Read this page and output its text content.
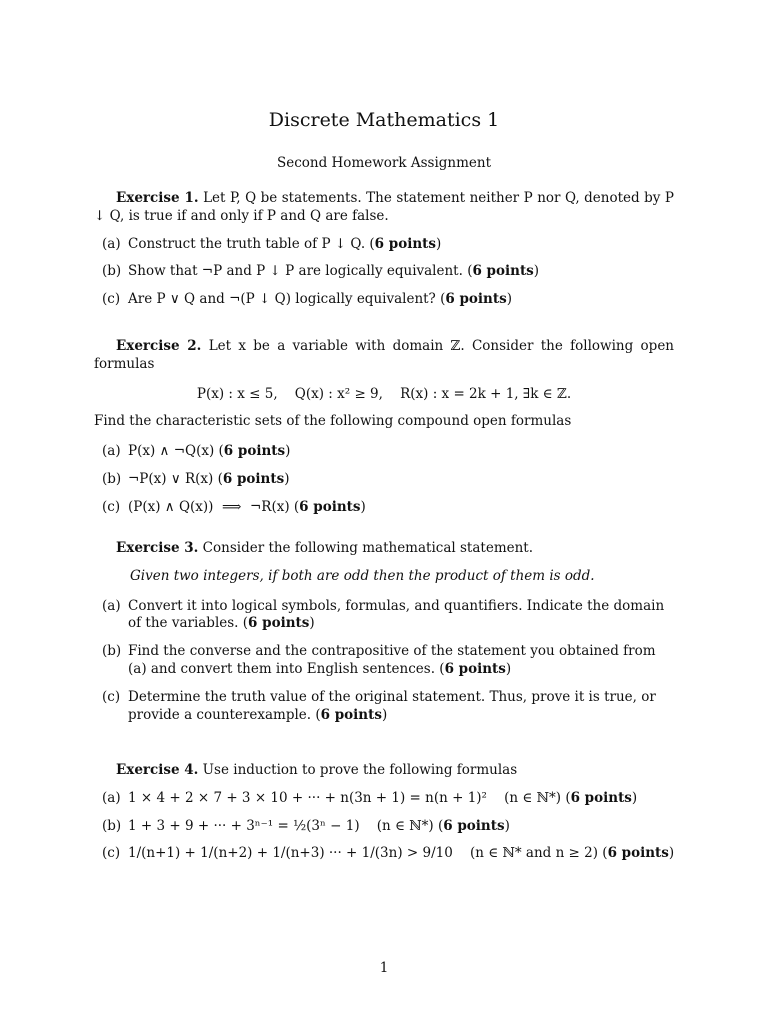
Discrete Mathematics 1
Second Homework Assignment

Exercise 1. Let P, Q be statements. The statement neither P nor Q, denoted by P ↓ Q, is true if and only if P and Q are false.

(a) Construct the truth table of P ↓ Q. (6 points)

(b) Show that ¬P and P ↓ P are logically equivalent. (6 points)

(c) Are P ∨ Q and ¬(P ↓ Q) logically equivalent? (6 points)

Exercise 2. Let x be a variable with domain ℤ. Consider the following open formulas

P(x) : x ≤ 5,    Q(x) : x² ≥ 9,    R(x) : x = 2k + 1, ∃k ∈ ℤ.

Find the characteristic sets of the following compound open formulas

(a) P(x) ∧ ¬Q(x) (6 points)

(b) ¬P(x) ∨ R(x) (6 points)

(c) (P(x) ∧ Q(x))  ⟹  ¬R(x) (6 points)

Exercise 3. Consider the following mathematical statement.

Given two integers, if both are odd then the product of them is odd.

(a) Convert it into logical symbols, formulas, and quantifiers. Indicate the domain of the variables. (6 points)

(b) Find the converse and the contrapositive of the statement you obtained from (a) and convert them into English sentences. (6 points)

(c) Determine the truth value of the original statement. Thus, prove it is true, or provide a counterexample. (6 points)

Exercise 4. Use induction to prove the following formulas

(a) 1 × 4 + 2 × 7 + 3 × 10 + ··· + n(3n + 1) = n(n + 1)²    (n ∈ ℕ*) (6 points)

(b) 1 + 3 + 9 + ··· + 3ⁿ⁻¹ = ½(3ⁿ − 1)    (n ∈ ℕ*) (6 points)

(c) 1/(n+1) + 1/(n+2) + 1/(n+3) ··· + 1/(3n) > 9/10    (n ∈ ℕ* and n ≥ 2) (6 points)

1
